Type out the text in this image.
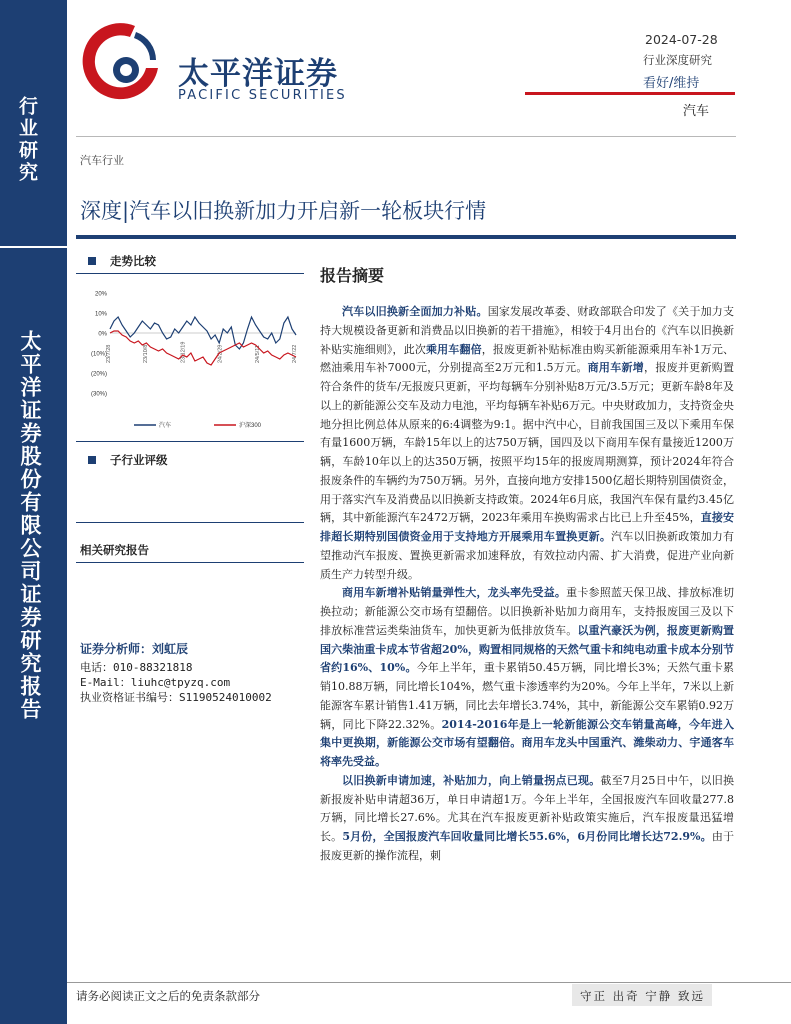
行业研究
太平洋证券股份有限公司证券研究报告
太平洋证券
PACIFIC SECURITIES
2024-07-28
行业深度研究
看好/维持
汽车
汽车行业
深度|汽车以旧换新加力开启新一轮板块行情
走势比较
20%
10%
0%
(10%)
(20%)
(30%)
23/7/28	23/10/8	23/12/19	24/2/29	24/5/11	24/7/22
汽车	沪深300
子行业评级
相关研究报告
证券分析师：刘虹辰
电话：010-88321818
E-Mail：liuhc@tpyzq.com
执业资格证书编号：S1190524010002
报告摘要

汽车以旧换新全面加力补贴。国家发展改革委、财政部联合印发了《关于加力支持大规模设备更新和消费品以旧换新的若干措施》，相较于4月出台的《汽车以旧换新补贴实施细则》，此次乘用车翻倍，报废更新补贴标准由购买新能源乘用车补1万元、燃油乘用车补7000元，分别提高至2万元和1.5万元。商用车新增，报废并更新购置符合条件的货车/无报废只更新，平均每辆车分别补贴8万元/3.5万元；更新车龄8年及以上的新能源公交车及动力电池，平均每辆车补贴6万元。中央财政加力，支持资金央地分担比例总体从原来的6:4调整为9:1。据中汽中心，目前我国国三及以下乘用车保有量1600万辆，车龄15年以上的达750万辆，国四及以下商用车保有量接近1200万辆，车龄10年以上的达350万辆，按照平均15年的报废周期测算，预计2024年符合报废条件的车辆约为750万辆。另外，直接向地方安排1500亿超长期特别国债资金，用于落实汽车及消费品以旧换新支持政策。2024年6月底，我国汽车保有量约3.45亿辆，其中新能源汽车2472万辆，2023年乘用车换购需求占比已上升至45%，直接安排超长期特别国债资金用于支持地方开展乘用车置换更新。汽车以旧换新政策加力有望推动汽车报废、置换更新需求加速释放，有效拉动内需、扩大消费，促进产业向新质生产力转型升级。

商用车新增补贴销量弹性大，龙头率先受益。重卡参照蓝天保卫战、排放标准切换拉动；新能源公交市场有望翻倍。以旧换新补贴加力商用车，支持报废国三及以下排放标准营运类柴油货车，加快更新为低排放货车。以重汽豪沃为例，报废更新购置国六柴油重卡成本节省超20%，购置相同规格的天然气重卡和纯电动重卡成本分别节省约16%、10%。今年上半年，重卡累销50.45万辆，同比增长3%；天然气重卡累销10.88万辆，同比增长104%，燃气重卡渗透率约为20%。今年上半年，7米以上新能源客车累计销售1.41万辆，同比去年增长3.74%，其中，新能源公交车累销0.92万辆，同比下降22.32%。2014-2016年是上一轮新能源公交车销量高峰，今年进入集中更换期，新能源公交市场有望翻倍。商用车龙头中国重汽、潍柴动力、宇通客车将率先受益。

以旧换新申请加速，补贴加力，向上销量拐点已现。截至7月25日中午，以旧换新报废补贴申请超36万，单日申请超1万。今年上半年，全国报废汽车回收量277.8万辆，同比增长27.6%。尤其在汽车报废更新补贴政策实施后，汽车报废量迅猛增长。5月份，全国报废汽车回收量同比增长55.6%，6月份同比增长达72.9%。由于报废更新的操作流程，刺

请务必阅读正文之后的免责条款部分	守正 出奇 宁静 致远
